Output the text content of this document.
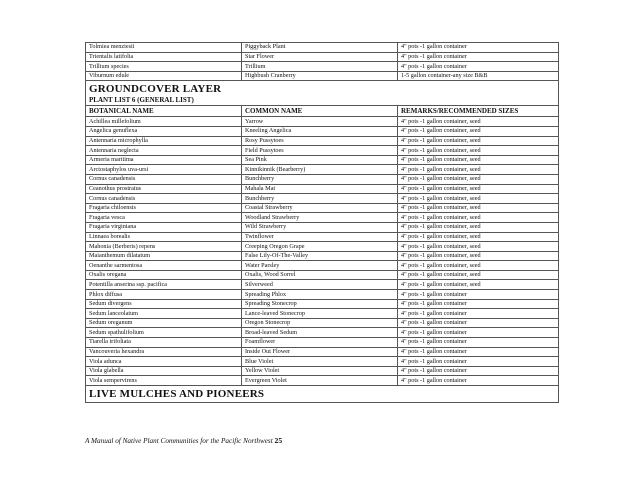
Tolmiea menziesii	Piggyback Plant	4" pots -1 gallon container
Trientalis latifolia	Star Flower	4" pots -1 gallon container
Trillium species	Trillium	4" pots -1 gallon container
Viburnum edule	Highbush Cranberry	1-5 gallon container-any size B&B
GROUNDCOVER LAYER		
PLANT LIST 6 (GENERAL LIST)		
BOTANICAL NAME	COMMON NAME	REMARKS/RECOMMENDED SIZES
Achillea millefolium	Yarrow	4" pots -1 gallon container, seed
Angelica genuflexa	Kneeling Angelica	4" pots -1 gallon container, seed
Antennaria microphylla	Rosy Pussytoes	4" pots -1 gallon container, seed
Antennaria neglecta	Field Pussytoes	4" pots -1 gallon container, seed
Armeria maritima	Sea Pink	4" pots -1 gallon container, seed
Arctostaphylos uva-ursi	Kinnikinnik (Bearberry)	4" pots -1 gallon container, seed
Cornus canadensis	Bunchberry	4" pots -1 gallon container, seed
Ceanothus prostratus	Mahala Mat	4" pots -1 gallon container, seed
Cornus canadensis	Bunchberry	4" pots -1 gallon container, seed
Fragaria chiloensis	Coastal Strawberry	4" pots -1 gallon container, seed
Fragaria vesca	Woodland Strawberry	4" pots -1 gallon container, seed
Fragaria virginiana	Wild Strawberry	4" pots -1 gallon container, seed
Linnaea borealis	Twinflower	4" pots -1 gallon container, seed
Mahonia (Berberis) repens	Creeping Oregon Grape	4" pots -1 gallon container, seed
Maianthemum dilatatum	False Lily-Of-The-Valley	4" pots -1 gallon container, seed
Oenanthe sarmentosa	Water Parsley	4" pots -1 gallon container, seed
Oxalis oregana	Oxalis, Wood Sorrel	4" pots -1 gallon container, seed
Potentilla anserina ssp. pacifica	Silverweed	4" pots -1 gallon container, seed
Phlox diffusa	Spreading Phlox	4" pots -1 gallon container
Sedum divergens	Spreading Stonecrop	4" pots -1 gallon container
Sedum lanceolatum	Lance-leaved Stonecrop	4" pots -1 gallon container
Sedum oreganum	Oregon Stonecrop	4" pots -1 gallon container
Sedum spathulifolium	Broad-leaved Sedum	4" pots -1 gallon container
Tiarella trifoliata	Foamflower	4" pots -1 gallon container
Vancouveria hexandra	Inside Out Flower	4" pots -1 gallon container
Viola adunca	Blue Violet	4" pots -1 gallon container
Viola glabella	Yellow Violet	4" pots -1 gallon container
Viola sempervirens	Evergreen Violet	4" pots -1 gallon container
LIVE MULCHES AND PIONEERS		
A Manual of Native Plant Communities for the Pacific Northwest 25
